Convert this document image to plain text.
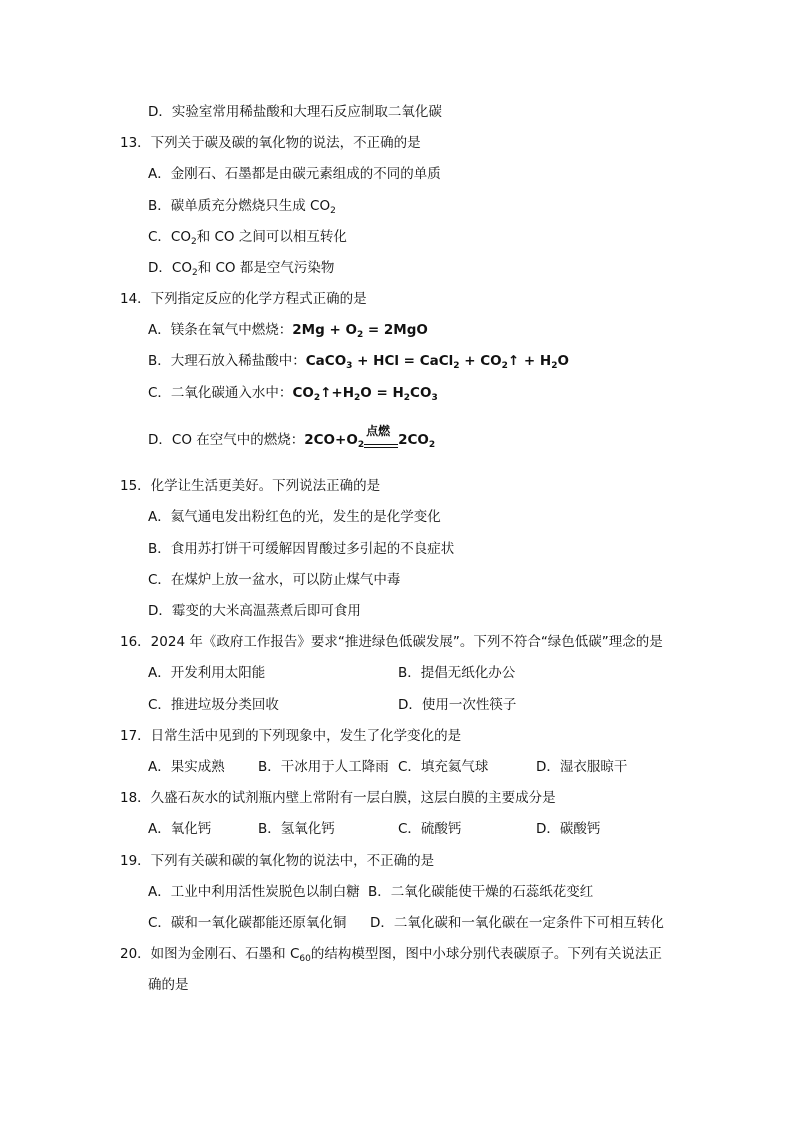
D．实验室常用稀盐酸和大理石反应制取二氧化碳
13．下列关于碳及碳的氧化物的说法，不正确的是
A．金刚石、石墨都是由碳元素组成的不同的单质
B．碳单质充分燃烧只生成 $CO_2$
C．$CO_2$和 CO 之间可以相互转化
D．$CO_2$和 CO 都是空气污染物
14．下列指定反应的化学方程式正确的是
A．镁条在氧气中燃烧：$2Mg + O_2 = 2MgO$
B．大理石放入稀盐酸中：CaCO$_3$ + HCl = CaCl$_2$ + $CO_2↑ + H_2O$
C．二氧化碳通入水中：$CO_2↑+H_2O = H_2CO_3$
D．CO 在空气中的燃烧：$2CO+O_2$
点燃
$2CO_2$
15．化学让生活更美好。下列说法正确的是
A．氦气通电发出粉红色的光，发生的是化学变化
B．食用苏打饼干可缓解因胃酸过多引起的不良症状
C．在煤炉上放一盆水，可以防止煤气中毒
D．霉变的大米高温蒸煮后即可食用
16．2024 年《政府工作报告》要求“推进绿色低碳发展”。下列不符合“绿色低碳”理念的是
A．开发利用太阳能	B．提倡无纸化办公
C．推进垃圾分类回收	D．使用一次性筷子
17．日常生活中见到的下列现象中，发生了化学变化的是
A．果实成熟 B．干冰用于人工降雨 C．填充氦气球	D．湿衣服晾干
18．久盛石灰水的试剂瓶内壁上常附有一层白膜，这层白膜的主要成分是
A．氧化钙	B．氢氧化钙	C．硫酸钙	D．碳酸钙
19．下列有关碳和碳的氧化物的说法中，不正确的是
A．工业中利用活性炭脱色以制白糖 B．二氧化碳能使干燥的石蕊纸花变红
C．碳和一氧化碳都能还原氧化铜 D．二氧化碳和一氧化碳在一定条件下可相互转化
20．如图为金刚石、石墨和 $C_{60}$的结构模型图，图中小球分别代表碳原子。下列有关说法正
确的是
